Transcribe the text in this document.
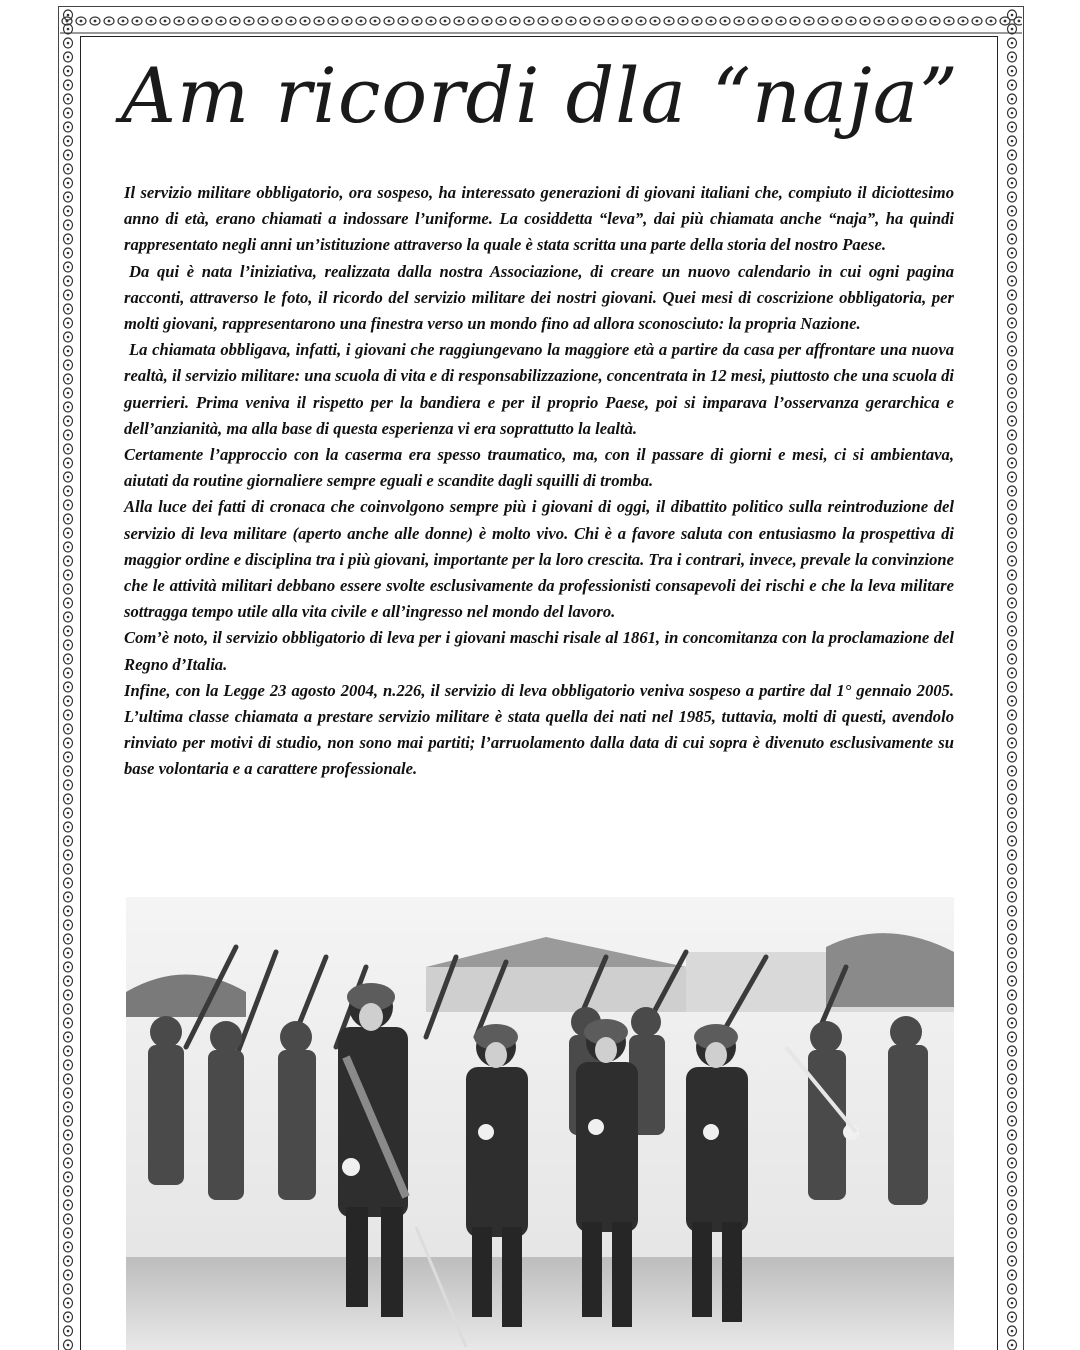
Am ricordi dla “naja”

Il servizio militare obbligatorio, ora sospeso, ha interessato generazioni di giovani italiani che, compiuto il diciottesimo anno di età, erano chiamati a indossare l’uniforme. La cosiddetta “leva”, dai più chiamata anche “naja”, ha quindi rappresentato negli anni un’istituzione attraverso la quale è stata scritta una parte della storia del nostro Paese.

Da qui è nata l’iniziativa, realizzata dalla nostra Associazione, di creare un nuovo calendario in cui ogni pagina racconti, attraverso le foto, il ricordo del servizio militare dei nostri giovani. Quei mesi di coscrizione obbligatoria, per molti giovani, rappresentarono una finestra verso un mondo fino ad allora sconosciuto: la propria Nazione.

La chiamata obbligava, infatti, i giovani che raggiungevano la maggiore età a partire da casa per affrontare una nuova realtà, il servizio militare: una scuola di vita e di responsabilizzazione, concentrata in 12 mesi, piuttosto che una scuola di guerrieri. Prima veniva il rispetto per la bandiera e per il proprio Paese, poi si imparava l’osservanza gerarchica e dell’anzianità, ma alla base di questa esperienza vi era soprattutto la lealtà.

Certamente l’approccio con la caserma era spesso traumatico, ma, con il passare di giorni e mesi, ci si ambientava, aiutati da routine giornaliere sempre eguali e scandite dagli squilli di tromba.

Alla luce dei fatti di cronaca che coinvolgono sempre più i giovani di oggi, il dibattito politico sulla reintroduzione del servizio di leva militare (aperto anche alle donne) è molto vivo. Chi è a favore saluta con entusiasmo la prospettiva di maggior ordine e disciplina tra i più giovani, importante per la loro crescita. Tra i contrari, invece, prevale la convinzione che le attività militari debbano essere svolte esclusivamente da professionisti consapevoli dei rischi e che la leva militare sottragga tempo utile alla vita civile e all’ingresso nel mondo del lavoro.

Com’è noto, il servizio obbligatorio di leva per i giovani maschi risale al 1861, in concomitanza con la proclamazione del Regno d’Italia.

Infine, con la Legge 23 agosto 2004, n.226, il servizio di leva obbligatorio veniva sospeso a partire dal 1° gennaio 2005. L’ultima classe chiamata a prestare servizio militare è stata quella dei nati nel 1985, tuttavia, molti di questi, avendolo rinviato per motivi di studio, non sono mai partiti; l’arruolamento dalla data di cui sopra è divenuto esclusivamente su base volontaria e a carattere professionale.
